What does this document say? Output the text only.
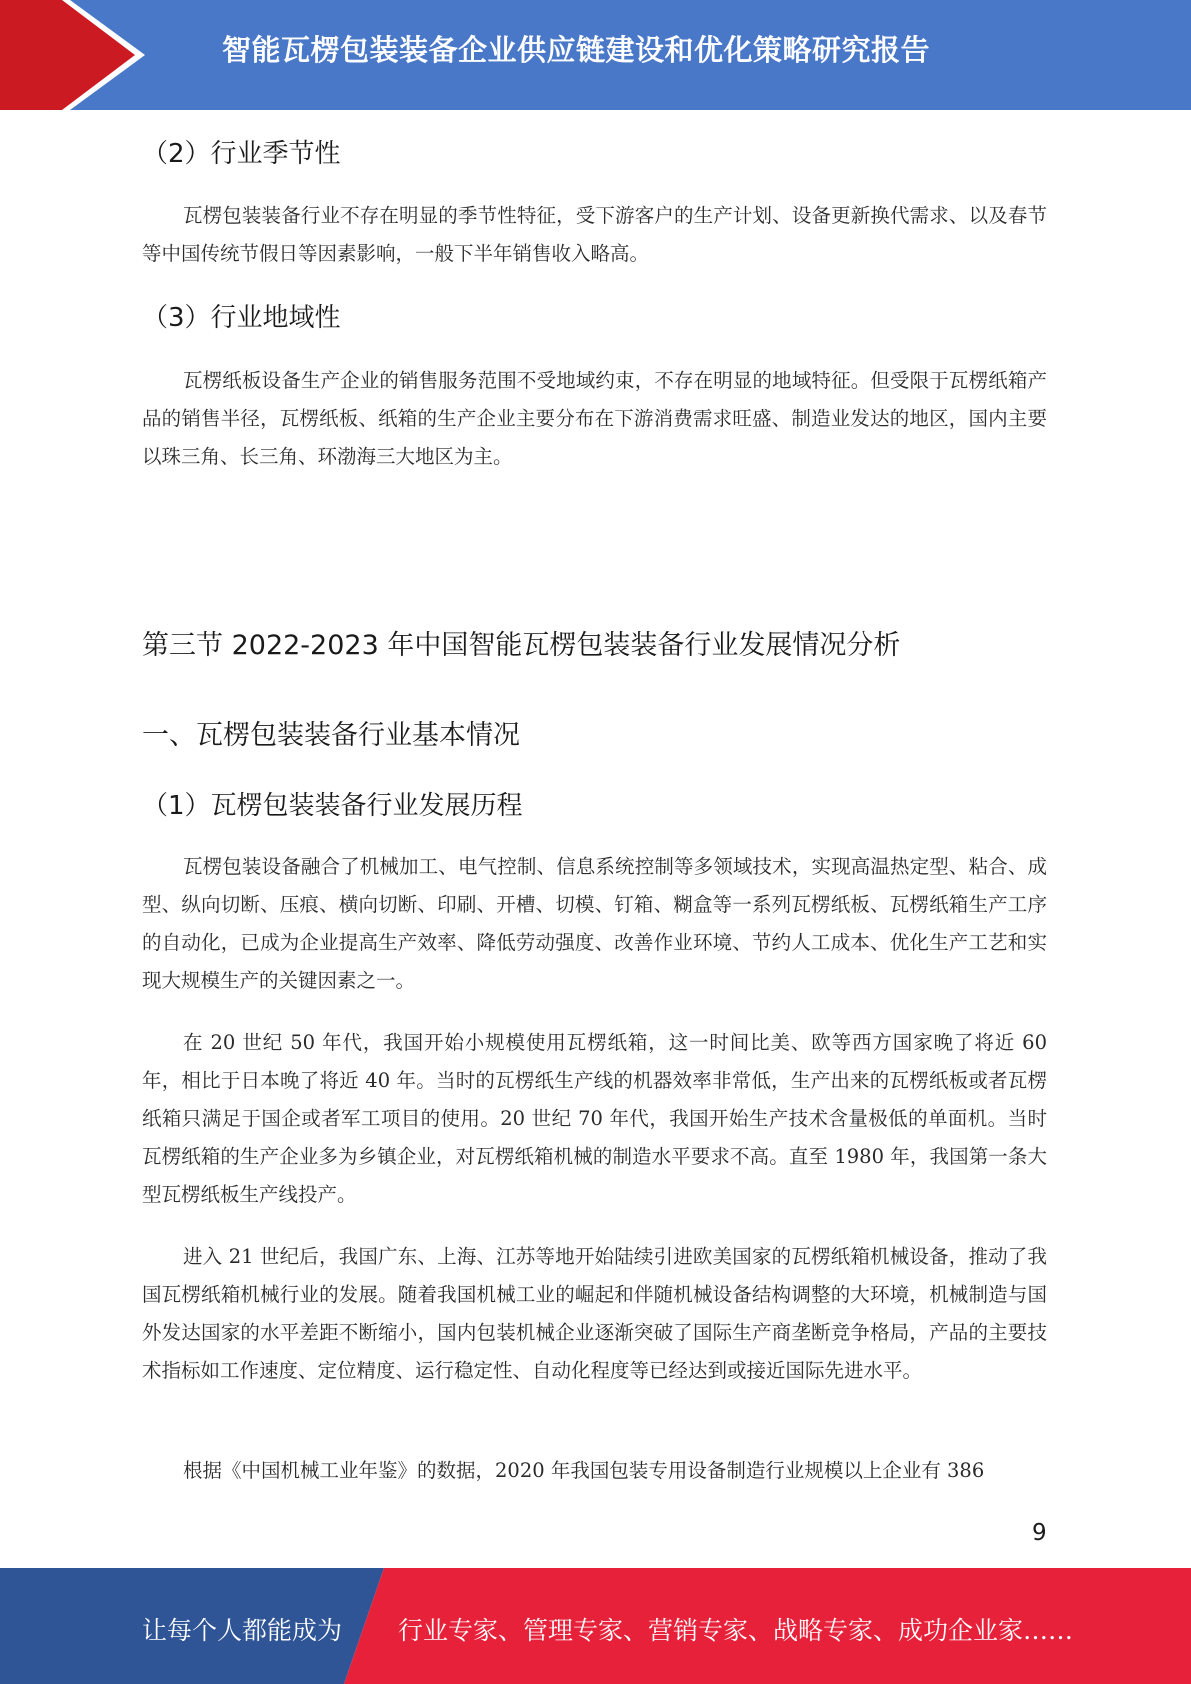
智能瓦楞包装装备企业供应链建设和优化策略研究报告
（2）行业季节性

瓦楞包装装备行业不存在明显的季节性特征，受下游客户的生产计划、设备更新换代需求、以及春节等中国传统节假日等因素影响，一般下半年销售收入略高。

（3）行业地域性

瓦楞纸板设备生产企业的销售服务范围不受地域约束，不存在明显的地域特征。但受限于瓦楞纸箱产品的销售半径，瓦楞纸板、纸箱的生产企业主要分布在下游消费需求旺盛、制造业发达的地区，国内主要以珠三角、长三角、环渤海三大地区为主。

第三节 2022-2023 年中国智能瓦楞包装装备行业发展情况分析
一、瓦楞包装装备行业基本情况
（1）瓦楞包装装备行业发展历程

瓦楞包装设备融合了机械加工、电气控制、信息系统控制等多领域技术，实现高温热定型、粘合、成型、纵向切断、压痕、横向切断、印刷、开槽、切模、钉箱、糊盒等一系列瓦楞纸板、瓦楞纸箱生产工序的自动化，已成为企业提高生产效率、降低劳动强度、改善作业环境、节约人工成本、优化生产工艺和实现大规模生产的关键因素之一。

在 20 世纪 50 年代，我国开始小规模使用瓦楞纸箱，这一时间比美、欧等西方国家晚了将近 60 年，相比于日本晚了将近 40 年。当时的瓦楞纸生产线的机器效率非常低，生产出来的瓦楞纸板或者瓦楞纸箱只满足于国企或者军工项目的使用。20 世纪 70 年代，我国开始生产技术含量极低的单面机。当时瓦楞纸箱的生产企业多为乡镇企业，对瓦楞纸箱机械的制造水平要求不高。直至 1980 年，我国第一条大型瓦楞纸板生产线投产。

进入 21 世纪后，我国广东、上海、江苏等地开始陆续引进欧美国家的瓦楞纸箱机械设备，推动了我国瓦楞纸箱机械行业的发展。随着我国机械工业的崛起和伴随机械设备结构调整的大环境，机械制造与国外发达国家的水平差距不断缩小，国内包装机械企业逐渐突破了国际生产商垄断竞争格局，产品的主要技术指标如工作速度、定位精度、运行稳定性、自动化程度等已经达到或接近国际先进水平。

根据《中国机械工业年鉴》的数据，2020 年我国包装专用设备制造行业规模以上企业有 386

9
让每个人都能成为 行业专家、管理专家、营销专家、战略专家、成功企业家……
